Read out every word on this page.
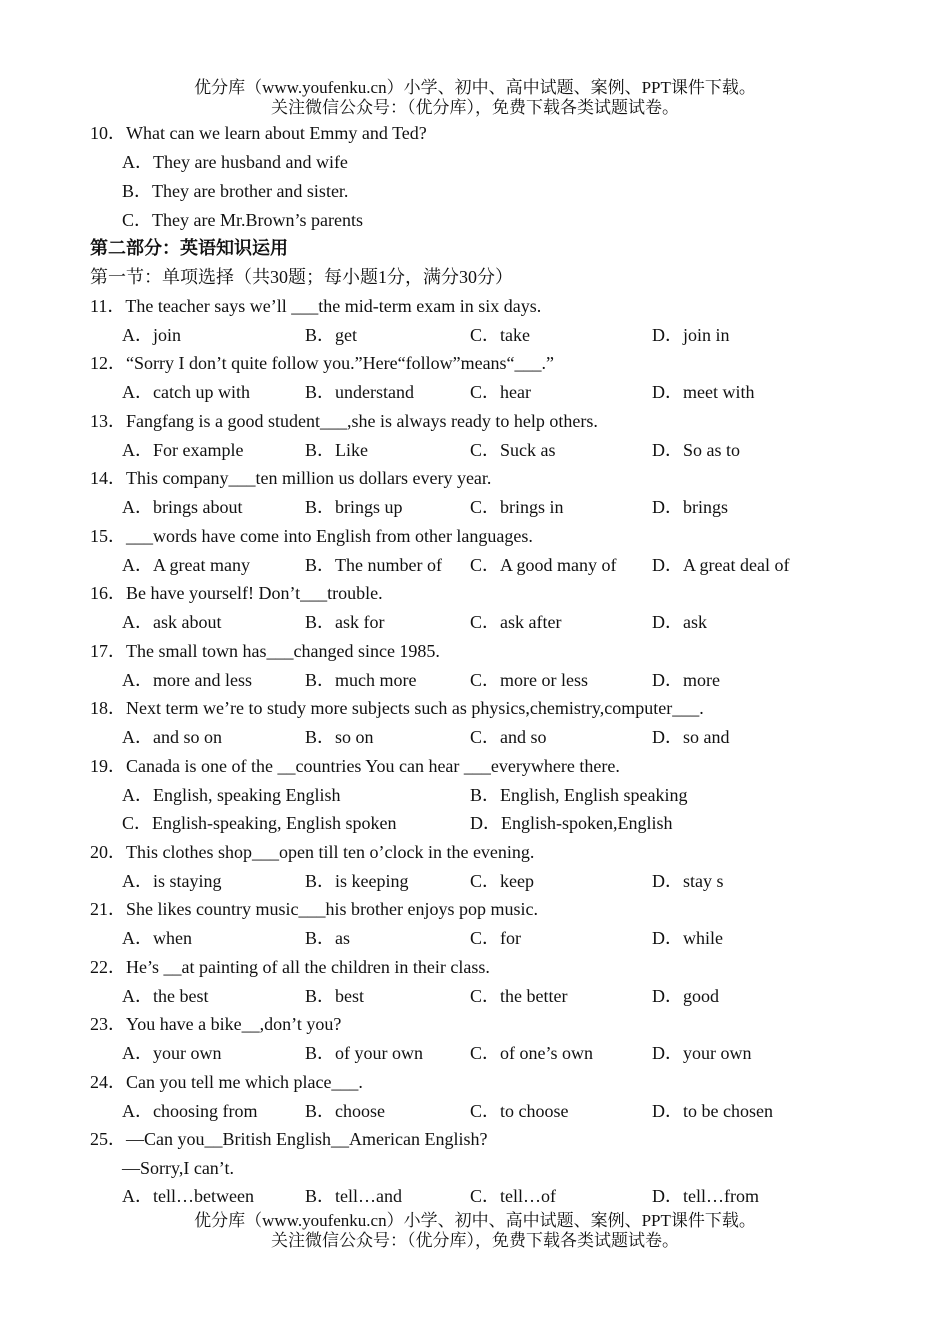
优分库（www.youfenku.cn）小学、初中、高中试题、案例、PPT课件下载。
关注微信公众号：（优分库），免费下载各类试题试卷。
10．What can we learn about Emmy and Ted?
A．They are husband and wife
B．They are brother and sister.
C．They are Mr.Brown’s parents
第二部分：英语知识运用
第一节：单项选择（共30题；每小题1分，满分30分）
11．The teacher says we’ll ___the mid-term exam in six days.
A．join	B．get	C．take	D．join in
12．“Sorry I don’t quite follow you.”Here“follow”means“___.”
A．catch up with	B．understand	C．hear	D．meet with
13．Fangfang is a good student___,she is always ready to help others.
A．For example	B．Like	C．Suck as	D．So as to
14．This company___ten million us dollars every year.
A．brings about	B．brings up	C．brings in	D．brings
15．___words have come into English from other languages.
A．A great many	B．The number of C．A good many of D．A great deal of
16．Be have yourself! Don’t___trouble.
A．ask about	B．ask for	C．ask after	D．ask
17．The small town has___changed since 1985.
A．more and less	B．much more	C．more or less	D．more
18．Next term we’re to study more subjects such as physics,chemistry,computer___.
A．and so on	B．so on	C．and so	D．so and
19．Canada is one of the __countries You can hear ___everywhere there.
A．English, speaking English	B．English, English speaking
C．English-speaking, English spoken	D．English-spoken,English
20．This clothes shop___open till ten o’clock in the evening.
A．is staying	B．is keeping	C．keep	D．stay s
21．She likes country music___his brother enjoys pop music.
A．when	B．as	C．for	D．while
22．He’s __at painting of all the children in their class.
A．the best	B．best	C．the better	D．good
23．You have a bike__,don’t you?
A．your own	B．of your own	C．of one’s own	D．your own
24．Can you tell me which place___.
A．choosing from	B．choose	C．to choose	D．to be chosen
25．—Can you__British English__American English?
—Sorry,I can’t.
A．tell…between	B．tell…and	C．tell…of	D．tell…from
优分库（www.youfenku.cn）小学、初中、高中试题、案例、PPT课件下载。
关注微信公众号：（优分库），免费下载各类试题试卷。
